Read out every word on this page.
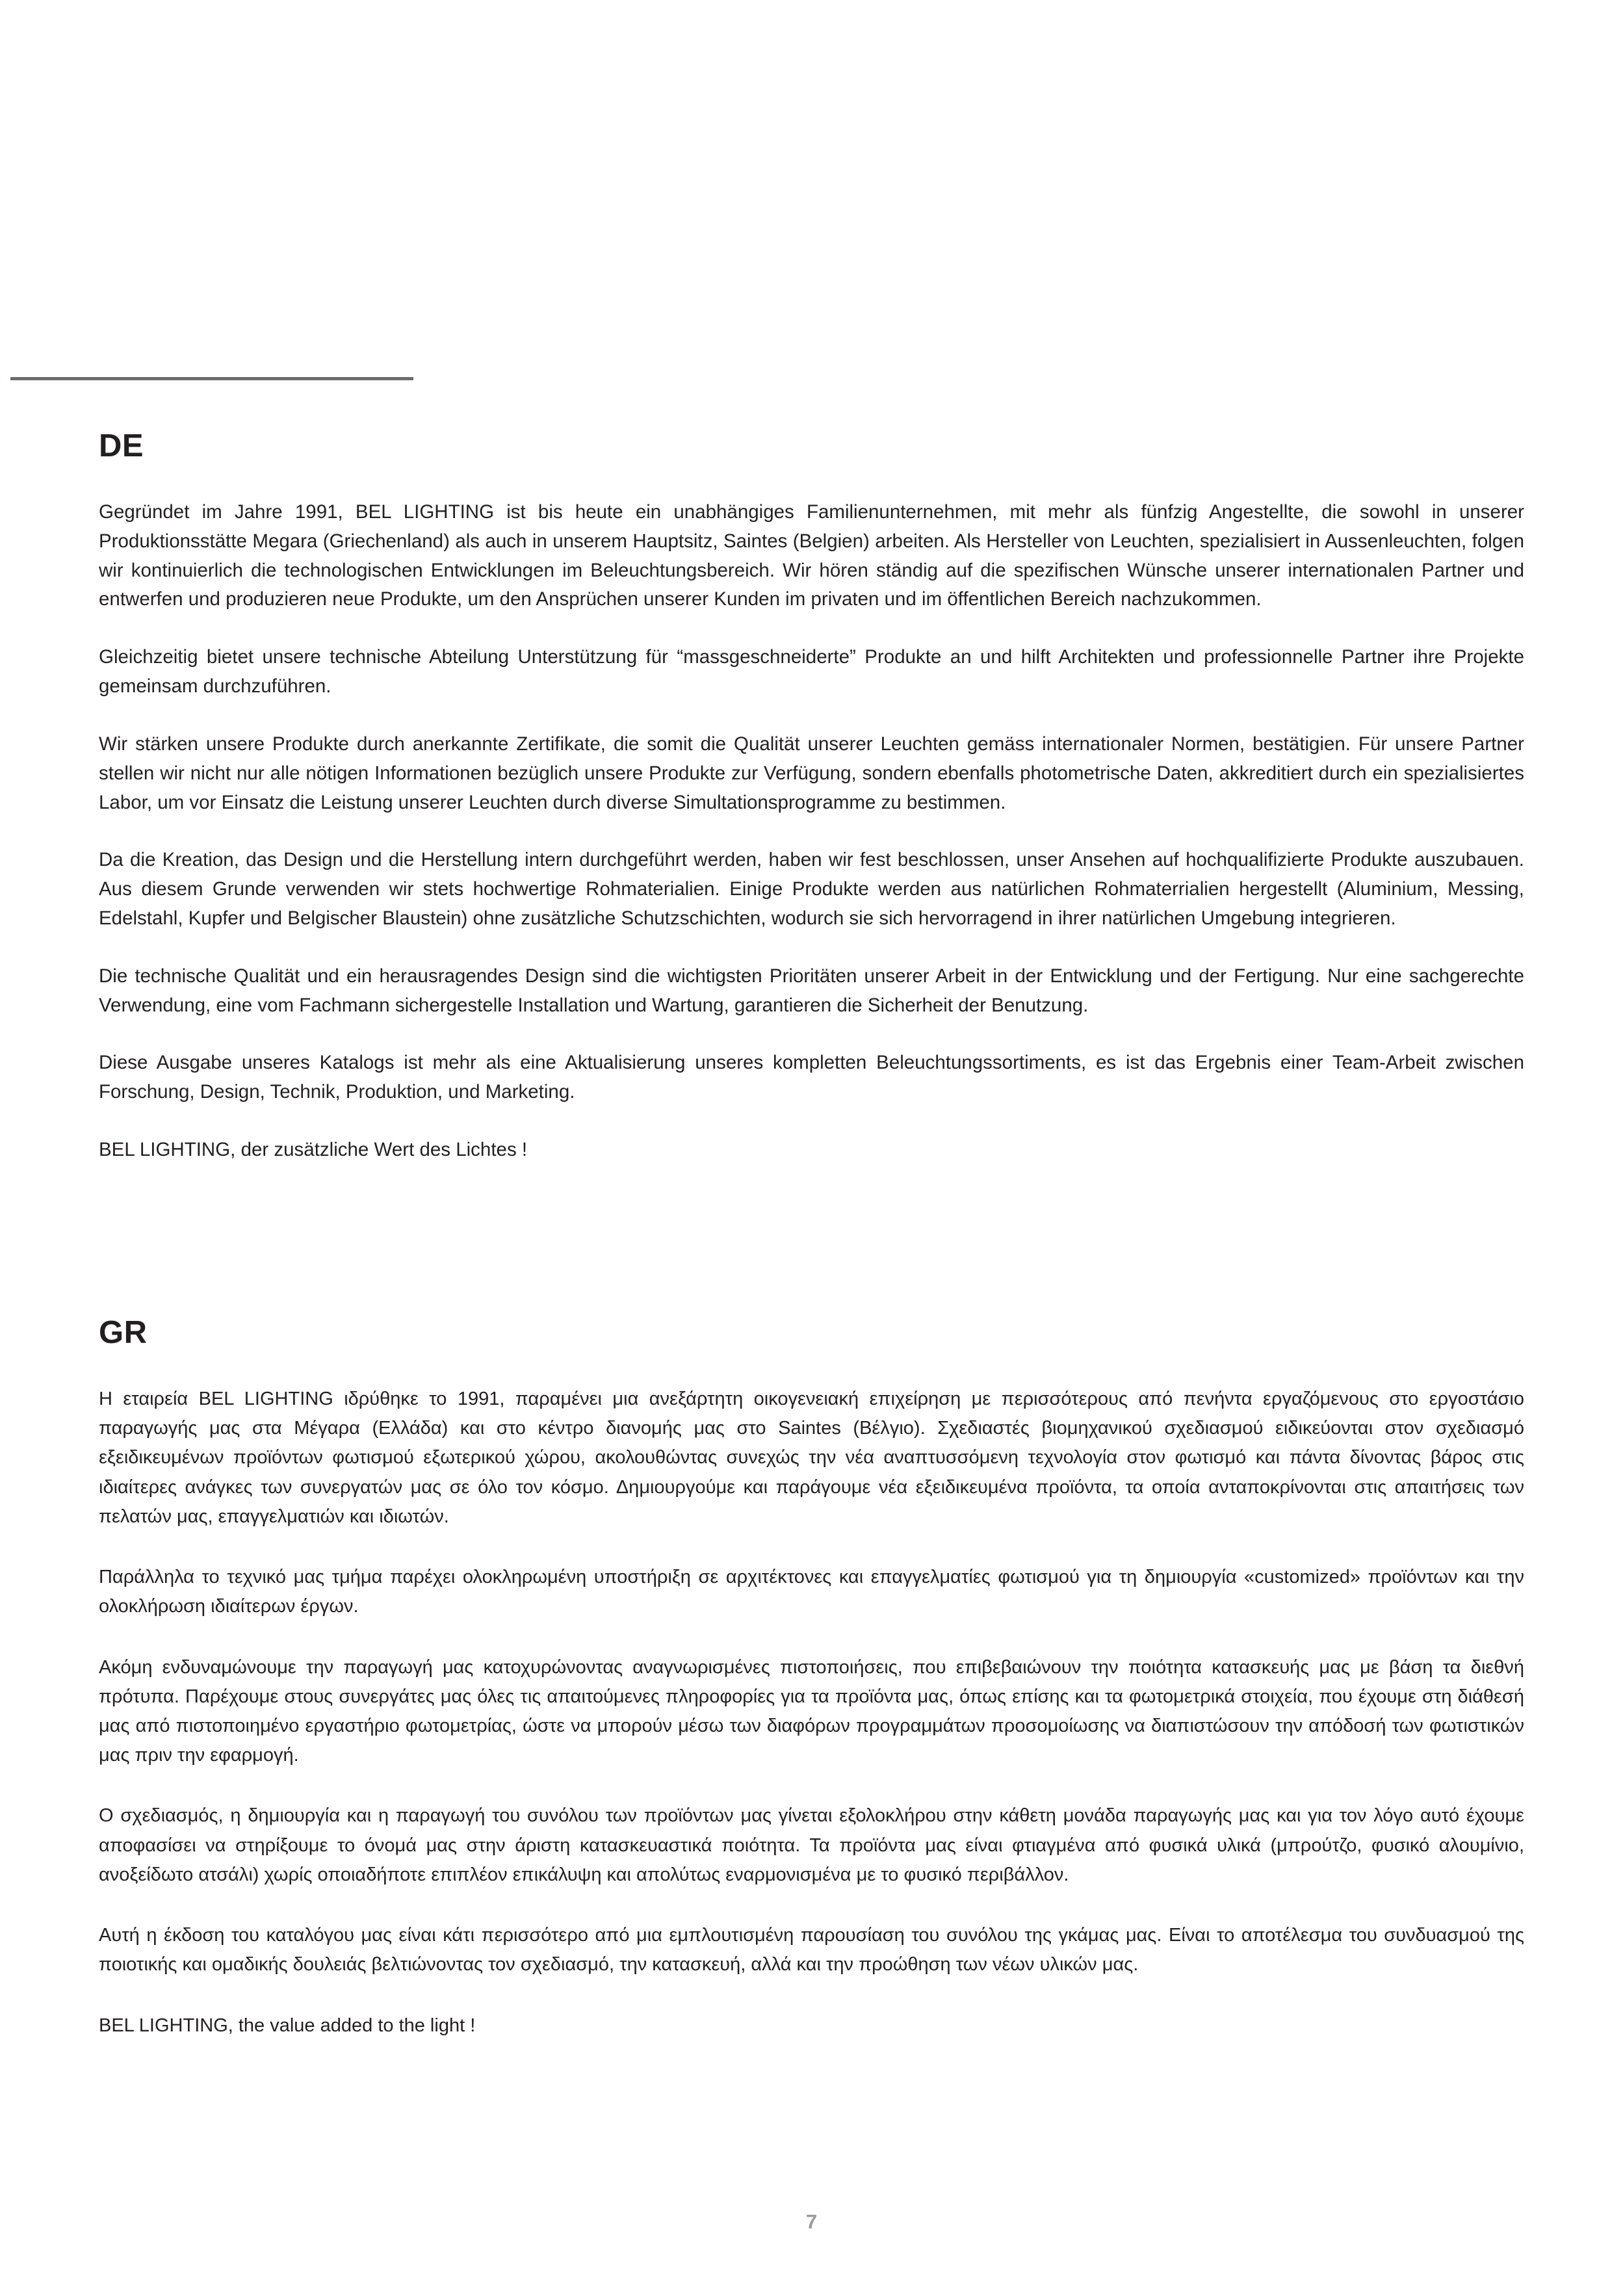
DE

Gegründet im Jahre 1991, BEL LIGHTING ist bis heute ein unabhängiges Familienunternehmen, mit mehr als fünfzig Angestellte, die sowohl in unserer Produktionsstätte Megara (Griechenland) als auch in unserem Hauptsitz, Saintes (Belgien) arbeiten. Als Hersteller von Leuchten, spezialisiert in Aussenleuchten, folgen wir kontinuierlich die technologischen Entwicklungen im Beleuchtungsbereich. Wir hören ständig auf die spezifischen Wünsche unserer internationalen Partner und entwerfen und produzieren neue Produkte, um den Ansprüchen unserer Kunden im privaten und im öffentlichen Bereich nachzukommen.

Gleichzeitig bietet unsere technische Abteilung Unterstützung für “massgeschneiderte” Produkte an und hilft Architekten und professionnelle Partner ihre Projekte gemeinsam durchzuführen.

Wir stärken unsere Produkte durch anerkannte Zertifikate, die somit die Qualität unserer Leuchten gemäss internationaler Normen, bestätigien. Für unsere Partner stellen wir nicht nur alle nötigen Informationen bezüglich unsere Produkte zur Verfügung, sondern ebenfalls photometrische Daten, akkreditiert durch ein spezialisiertes Labor, um vor Einsatz die Leistung unserer Leuchten durch diverse Simultationsprogramme zu bestimmen.

Da die Kreation, das Design und die Herstellung intern durchgeführt werden, haben wir fest beschlossen, unser Ansehen auf hochqualifizierte Produkte auszubauen. Aus diesem Grunde verwenden wir stets hochwertige Rohmaterialien. Einige Produkte werden aus natürlichen Rohmaterrialien hergestellt (Aluminium, Messing, Edelstahl, Kupfer und Belgischer Blaustein) ohne zusätzliche Schutzschichten, wodurch sie sich hervorragend in ihrer natürlichen Umgebung integrieren.

Die technische Qualität und ein herausragendes Design sind die wichtigsten Prioritäten unserer Arbeit in der Entwicklung und der Fertigung. Nur eine sachgerechte Verwendung, eine vom Fachmann sichergestelle Installation und Wartung, garantieren die Sicherheit der Benutzung.

Diese Ausgabe unseres Katalogs ist mehr als eine Aktualisierung unseres kompletten Beleuchtungssortiments, es ist das Ergebnis einer Team-Arbeit zwischen Forschung, Design, Technik, Produktion, und Marketing.

BEL LIGHTING, der zusätzliche Wert des Lichtes !

GR

Η εταιρεία BEL LIGHTING ιδρύθηκε το 1991, παραμένει μια ανεξάρτητη οικογενειακή επιχείρηση με περισσότερους από πενήντα εργαζόμενους στο εργοστάσιο παραγωγής μας στα Μέγαρα (Ελλάδα) και στο κέντρο διανομής μας στο Saintes (Βέλγιο). Σχεδιαστές βιομηχανικού σχεδιασμού ειδικεύονται στον σχεδιασμό εξειδικευμένων προϊόντων φωτισμού εξωτερικού χώρου, ακολουθώντας συνεχώς την νέα αναπτυσσόμενη τεχνολογία στον φωτισμό και πάντα δίνοντας βάρος στις ιδιαίτερες ανάγκες των συνεργατών μας σε όλο τον κόσμο. Δημιουργούμε και παράγουμε νέα εξειδικευμένα προϊόντα, τα οποία ανταποκρίνονται στις απαιτήσεις των πελατών μας, επαγγελματιών και ιδιωτών.

Παράλληλα το τεχνικό μας τμήμα παρέχει ολοκληρωμένη υποστήριξη σε αρχιτέκτονες και επαγγελματίες φωτισμού για τη δημιουργία «customized» προϊόντων και την ολοκλήρωση ιδιαίτερων έργων.

Ακόμη ενδυναμώνουμε την παραγωγή μας κατοχυρώνοντας αναγνωρισμένες πιστοποιήσεις, που επιβεβαιώνουν την ποιότητα κατασκευής μας με βάση τα διεθνή πρότυπα. Παρέχουμε στους συνεργάτες μας όλες τις απαιτούμενες πληροφορίες για τα προϊόντα μας, όπως επίσης και τα φωτομετρικά στοιχεία, που έχουμε στη διάθεσή μας από πιστοποιημένο εργαστήριο φωτομετρίας, ώστε να μπορούν μέσω των διαφόρων προγραμμάτων προσομοίωσης να διαπιστώσουν την απόδοσή των φωτιστικών μας πριν την εφαρμογή.

Ο σχεδιασμός, η δημιουργία και η παραγωγή του συνόλου των προϊόντων μας γίνεται εξολοκλήρου στην κάθετη μονάδα παραγωγής μας και για τον λόγο αυτό έχουμε αποφασίσει να στηρίξουμε το όνομά μας στην άριστη κατασκευαστικά ποιότητα. Τα προϊόντα μας είναι φτιαγμένα από φυσικά υλικά (μπρούτζο, φυσικό αλουμίνιο, ανοξείδωτο ατσάλι) χωρίς οποιαδήποτε επιπλέον επικάλυψη και απολύτως εναρμονισμένα με το φυσικό περιβάλλον.

Αυτή η έκδοση του καταλόγου μας είναι κάτι περισσότερο από μια εμπλουτισμένη παρουσίαση του συνόλου της γκάμας μας. Είναι το αποτέλεσμα του συνδυασμού της ποιοτικής και ομαδικής δουλειάς βελτιώνοντας τον σχεδιασμό, την κατασκευή, αλλά και την προώθηση των νέων υλικών μας.

BEL LIGHTING, the value added to the light !

7
